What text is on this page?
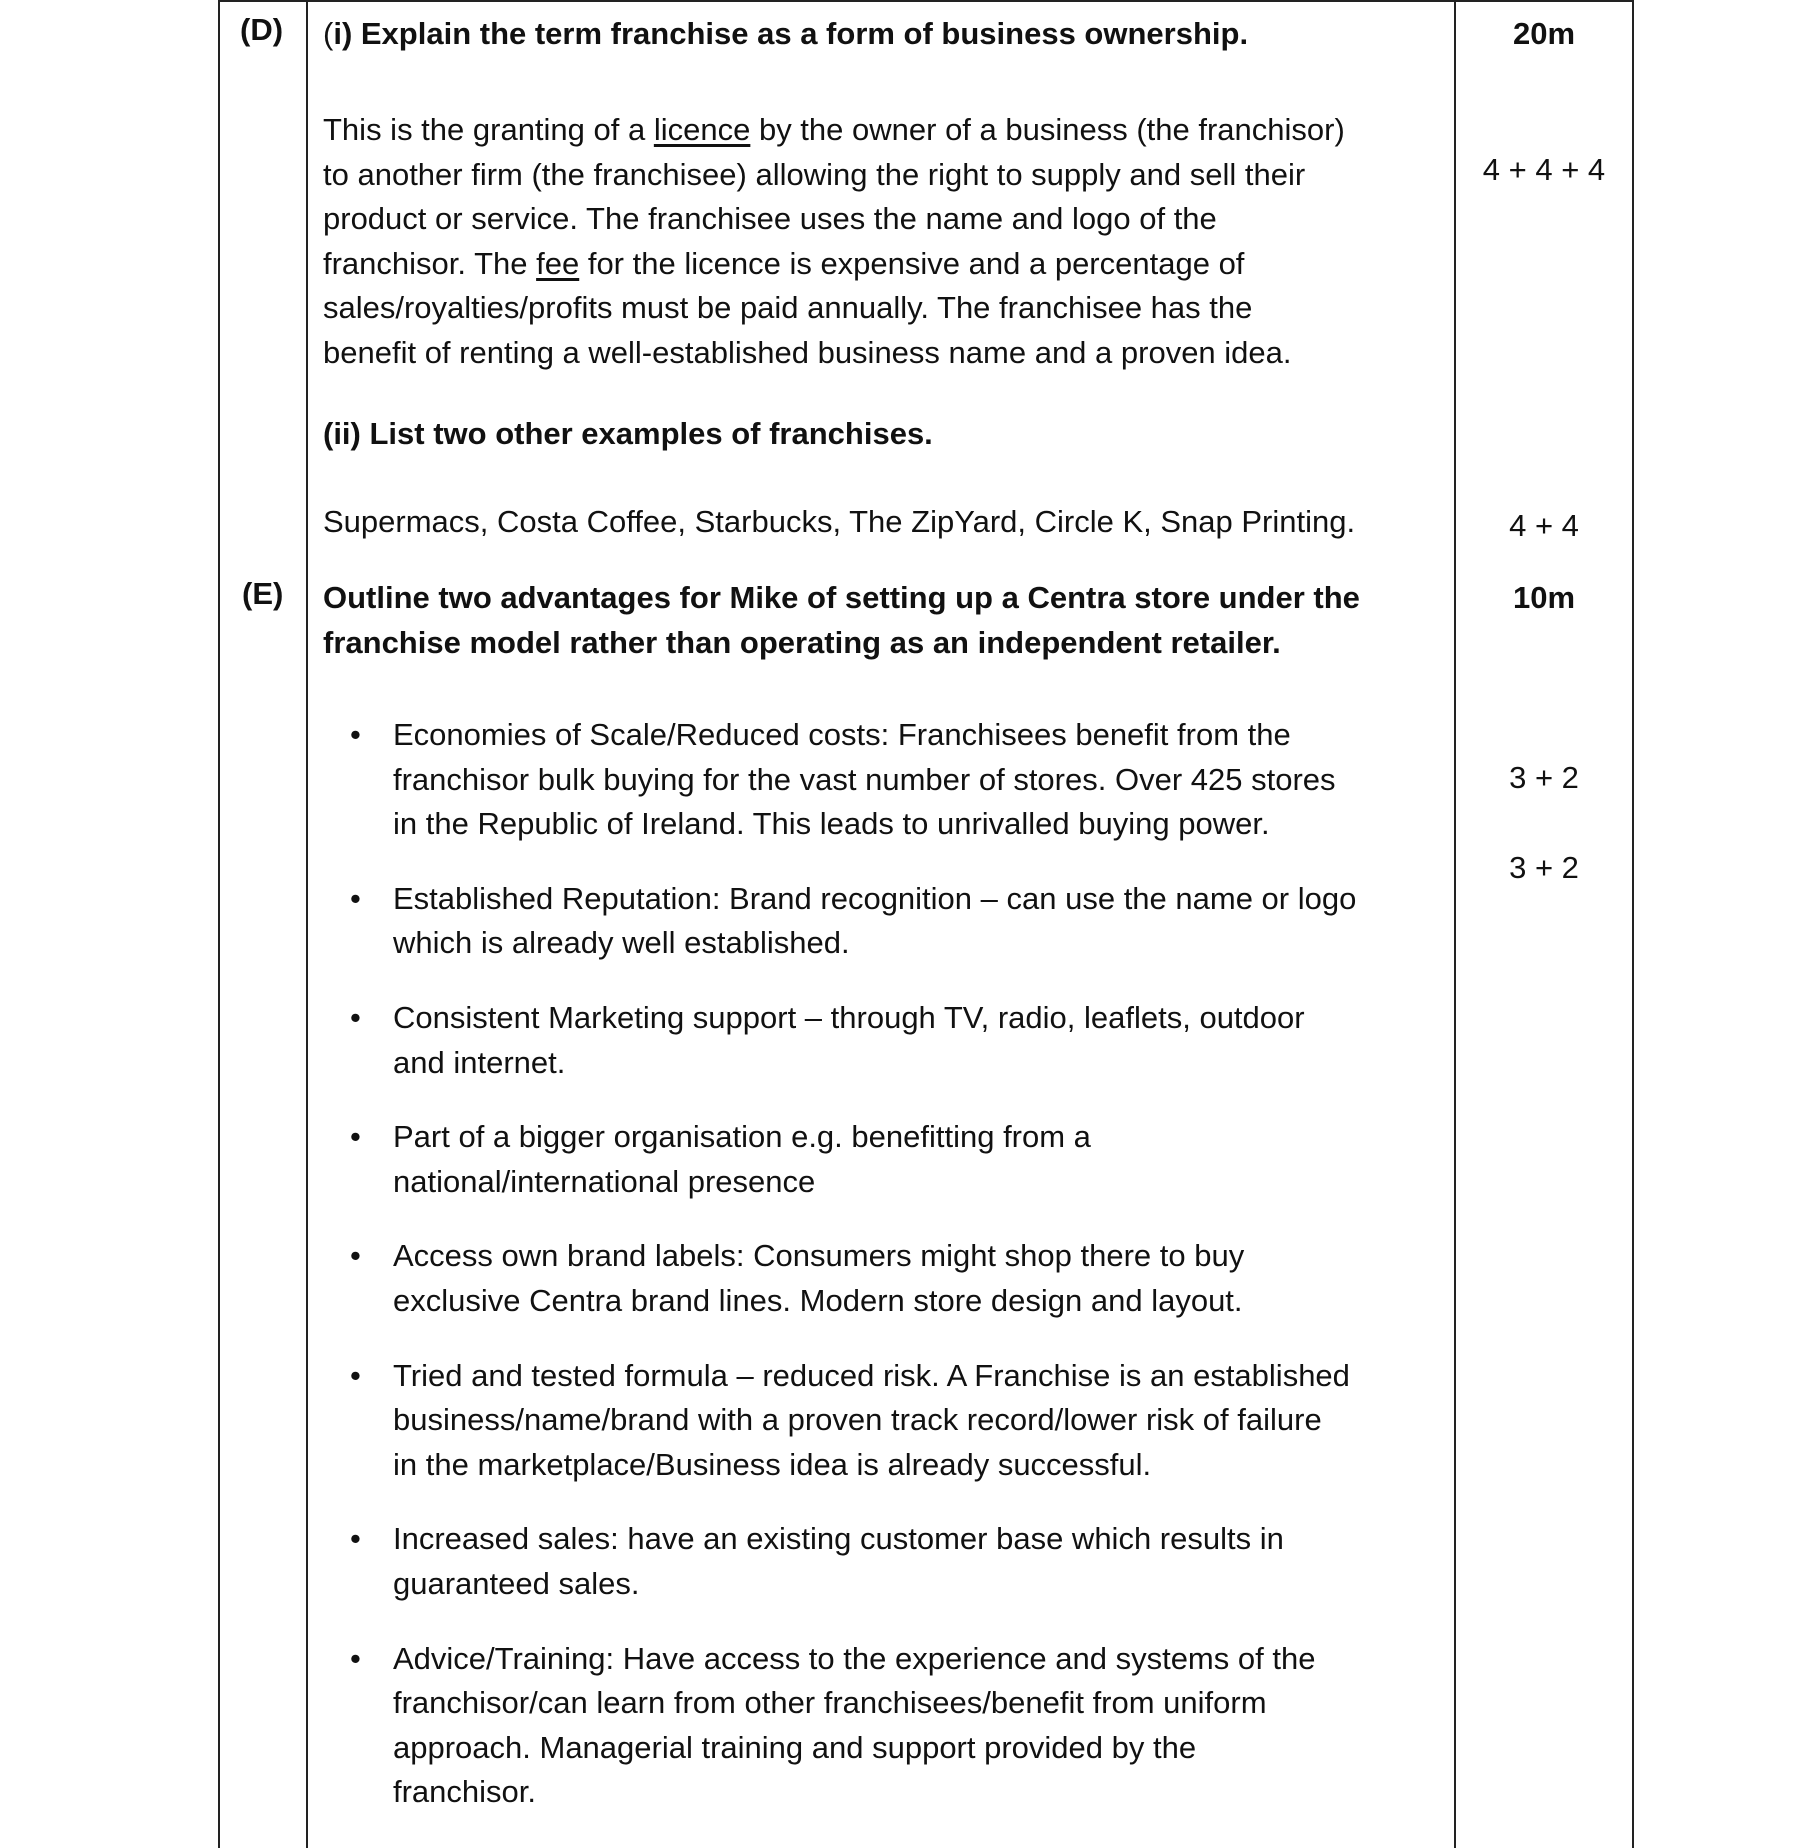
(D) (i) Explain the term franchise as a form of business ownership.	20m

This is the granting of a licence by the owner of a business (the franchisor)

to another firm (the franchisee) allowing the right to supply and sell their

product or service. The franchisee uses the name and logo of the

franchisor. The fee for the licence is expensive and a percentage of

sales/royalties/profits must be paid annually. The franchisee has the

benefit of renting a well-established business name and a proven idea.

4 + 4 + 4
(ii) List two other examples of franchises.
Supermacs, Costa Coffee, Starbucks, The ZipYard, Circle K, Snap Printing.	4 + 4
(E) Outline two advantages for Mike of setting up a Centra store under the
franchise model rather than operating as an independent retailer.
10m
3 + 2
3 + 2
• Economies of Scale/Reduced costs: Franchisees benefit from the
franchisor bulk buying for the vast number of stores. Over 425 stores
in the Republic of Ireland. This leads to unrivalled buying power.
• Established Reputation: Brand recognition – can use the name or logo
which is already well established.
• Consistent Marketing support – through TV, radio, leaflets, outdoor
and internet.
• Part of a bigger organisation e.g. benefitting from a
national/international presence
• Access own brand labels: Consumers might shop there to buy
exclusive Centra brand lines. Modern store design and layout.
• Tried and tested formula – reduced risk. A Franchise is an established
business/name/brand with a proven track record/lower risk of failure
in the marketplace/Business idea is already successful.
• Increased sales: have an existing customer base which results in
guaranteed sales.
• Advice/Training: Have access to the experience and systems of the
franchisor/can learn from other franchisees/benefit from uniform
approach. Managerial training and support provided by the
franchisor.
